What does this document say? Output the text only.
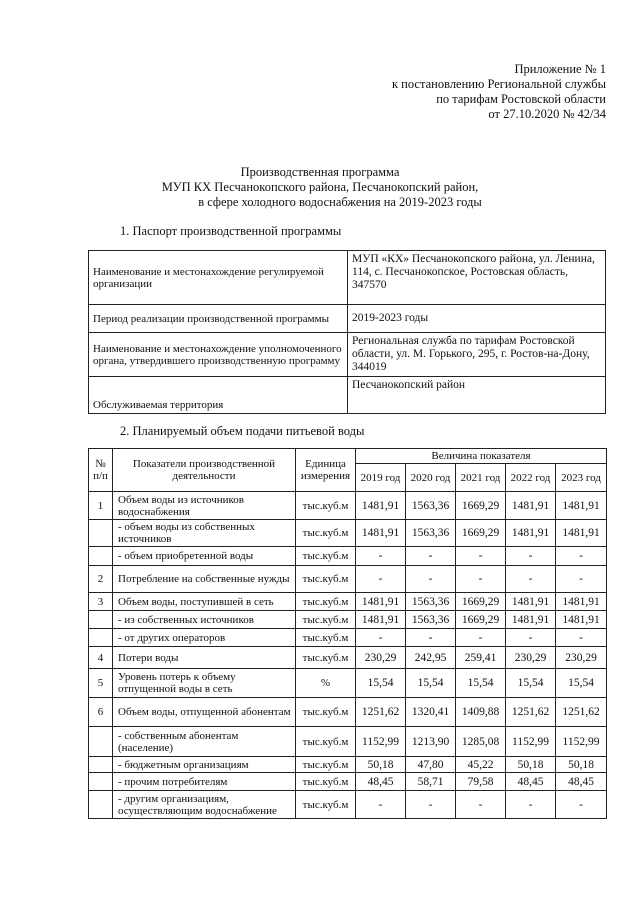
Приложение № 1
к постановлению Региональной службы
по тарифам Ростовской области
от 27.10.2020 № 42/34
Производственная программа
МУП КХ Песчанокопского района, Песчанокопский район,
в сфере холодного водоснабжения на 2019-2023 годы
1. Паспорт производственной программы
Наименование и местонахождение регулируемой организации	МУП «КХ» Песчанокопского района, ул. Ленина, 114, с. Песчанокопское, Ростовская область, 347570
Период реализации производственной программы	2019-2023 годы
Наименование и местонахождение уполномоченного органа, утвердившего производственную программу	Региональная служба по тарифам Ростовской области, ул. М. Горького, 295, г. Ростов-на-Дону, 344019
Обслуживаемая территория	Песчанокопский район
2. Планируемый объем подачи питьевой воды
№ п/п	Показатели производственной деятельности	Единица измерения	Величина показателя				
			2019 год	2020 год	2021 год	2022 год	2023 год
1	Объем воды из источников водоснабжения	тыс.куб.м	1481,91	1563,36	1669,29	1481,91	1481,91
	- объем воды из собственных источников	тыс.куб.м	1481,91	1563,36	1669,29	1481,91	1481,91
	- объем приобретенной воды	тыс.куб.м	-	-	-	-	-
2	Потребление на собственные нужды	тыс.куб.м	-	-	-	-	-
3	Объем воды, поступившей в сеть	тыс.куб.м	1481,91	1563,36	1669,29	1481,91	1481,91
	- из собственных источников	тыс.куб.м	1481,91	1563,36	1669,29	1481,91	1481,91
	- от других операторов	тыс.куб.м	-	-	-	-	-
4	Потери воды	тыс.куб.м	230,29	242,95	259,41	230,29	230,29
5	Уровень потерь к объему отпущенной воды в сеть	%	15,54	15,54	15,54	15,54	15,54
6	Объем воды, отпущенной абонентам	тыс.куб.м	1251,62	1320,41	1409,88	1251,62	1251,62
	- собственным абонентам (население)	тыс.куб.м	1152,99	1213,90	1285,08	1152,99	1152,99
	- бюджетным организациям	тыс.куб.м	50,18	47,80	45,22	50,18	50,18
	- прочим потребителям	тыс.куб.м	48,45	58,71	79,58	48,45	48,45
	- другим организациям, осуществляющим водоснабжение	тыс.куб.м	-	-	-	-	-
